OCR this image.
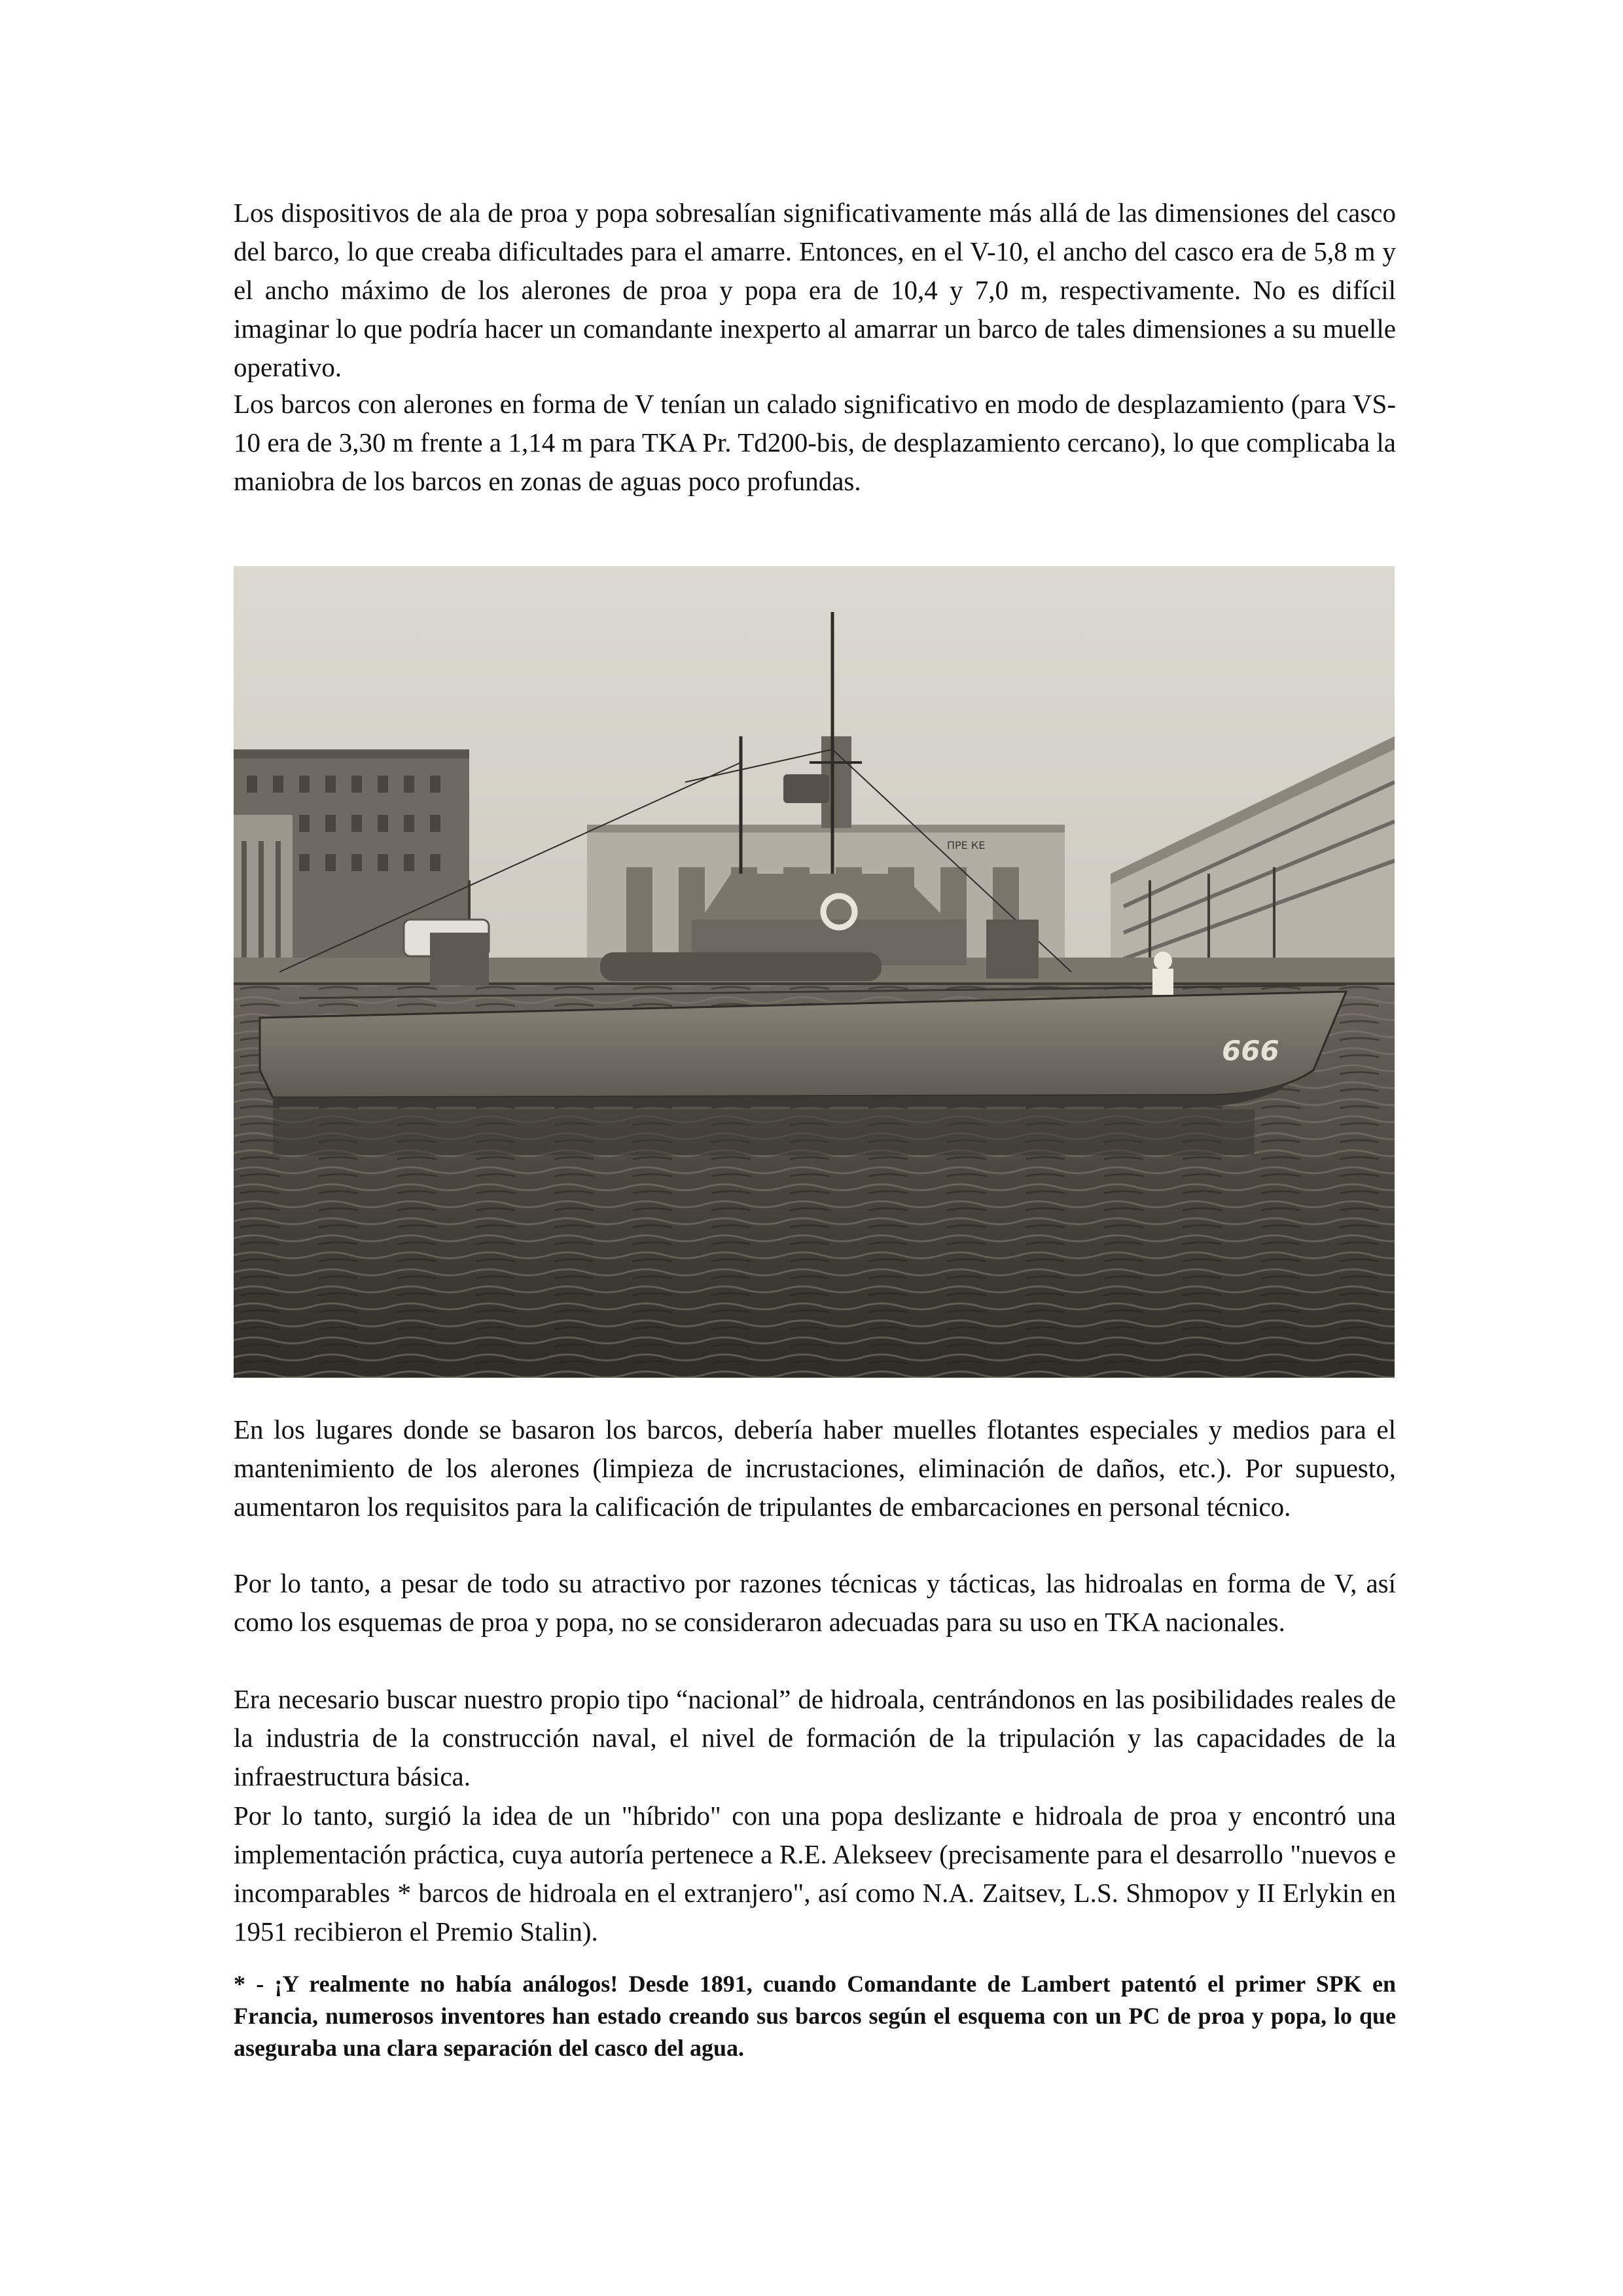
Los dispositivos de ala de proa y popa sobresalían significativamente más allá de las dimensiones del casco del barco, lo que creaba dificultades para el amarre. Entonces, en el V-10, el ancho del casco era de 5,8 m y el ancho máximo de los alerones de proa y popa era de 10,4 y 7,0 m, respectivamente. No es difícil imaginar lo que podría hacer un comandante inexperto al amarrar un barco de tales dimensiones a su muelle operativo.

Los barcos con alerones en forma de V tenían un calado significativo en modo de desplazamiento (para VS-10 era de 3,30 m frente a 1,14 m para TKA Pr. Td200-bis, de desplazamiento cercano), lo que complicaba la maniobra de los barcos en zonas de aguas poco profundas.

ПРЕ КЕ
666

En los lugares donde se basaron los barcos, debería haber muelles flotantes especiales y medios para el mantenimiento de los alerones (limpieza de incrustaciones, eliminación de daños, etc.). Por supuesto, aumentaron los requisitos para la calificación de tripulantes de embarcaciones en personal técnico.

Por lo tanto, a pesar de todo su atractivo por razones técnicas y tácticas, las hidroalas en forma de V, así como los esquemas de proa y popa, no se consideraron adecuadas para su uso en TKA nacionales.

Era necesario buscar nuestro propio tipo “nacional” de hidroala, centrándonos en las posibilidades reales de la industria de la construcción naval, el nivel de formación de la tripulación y las capacidades de la infraestructura básica.

Por lo tanto, surgió la idea de un "híbrido" con una popa deslizante e hidroala de proa y encontró una implementación práctica, cuya autoría pertenece a R.E. Alekseev (precisamente para el desarrollo "nuevos e incomparables * barcos de hidroala en el extranjero", así como N.A. Zaitsev, L.S. Shmopov y II Erlykin en 1951 recibieron el Premio Stalin).

* - ¡Y realmente no había análogos! Desde 1891, cuando Comandante de Lambert patentó el primer SPK en Francia, numerosos inventores han estado creando sus barcos según el esquema con un PC de proa y popa, lo que aseguraba una clara separación del casco del agua.
